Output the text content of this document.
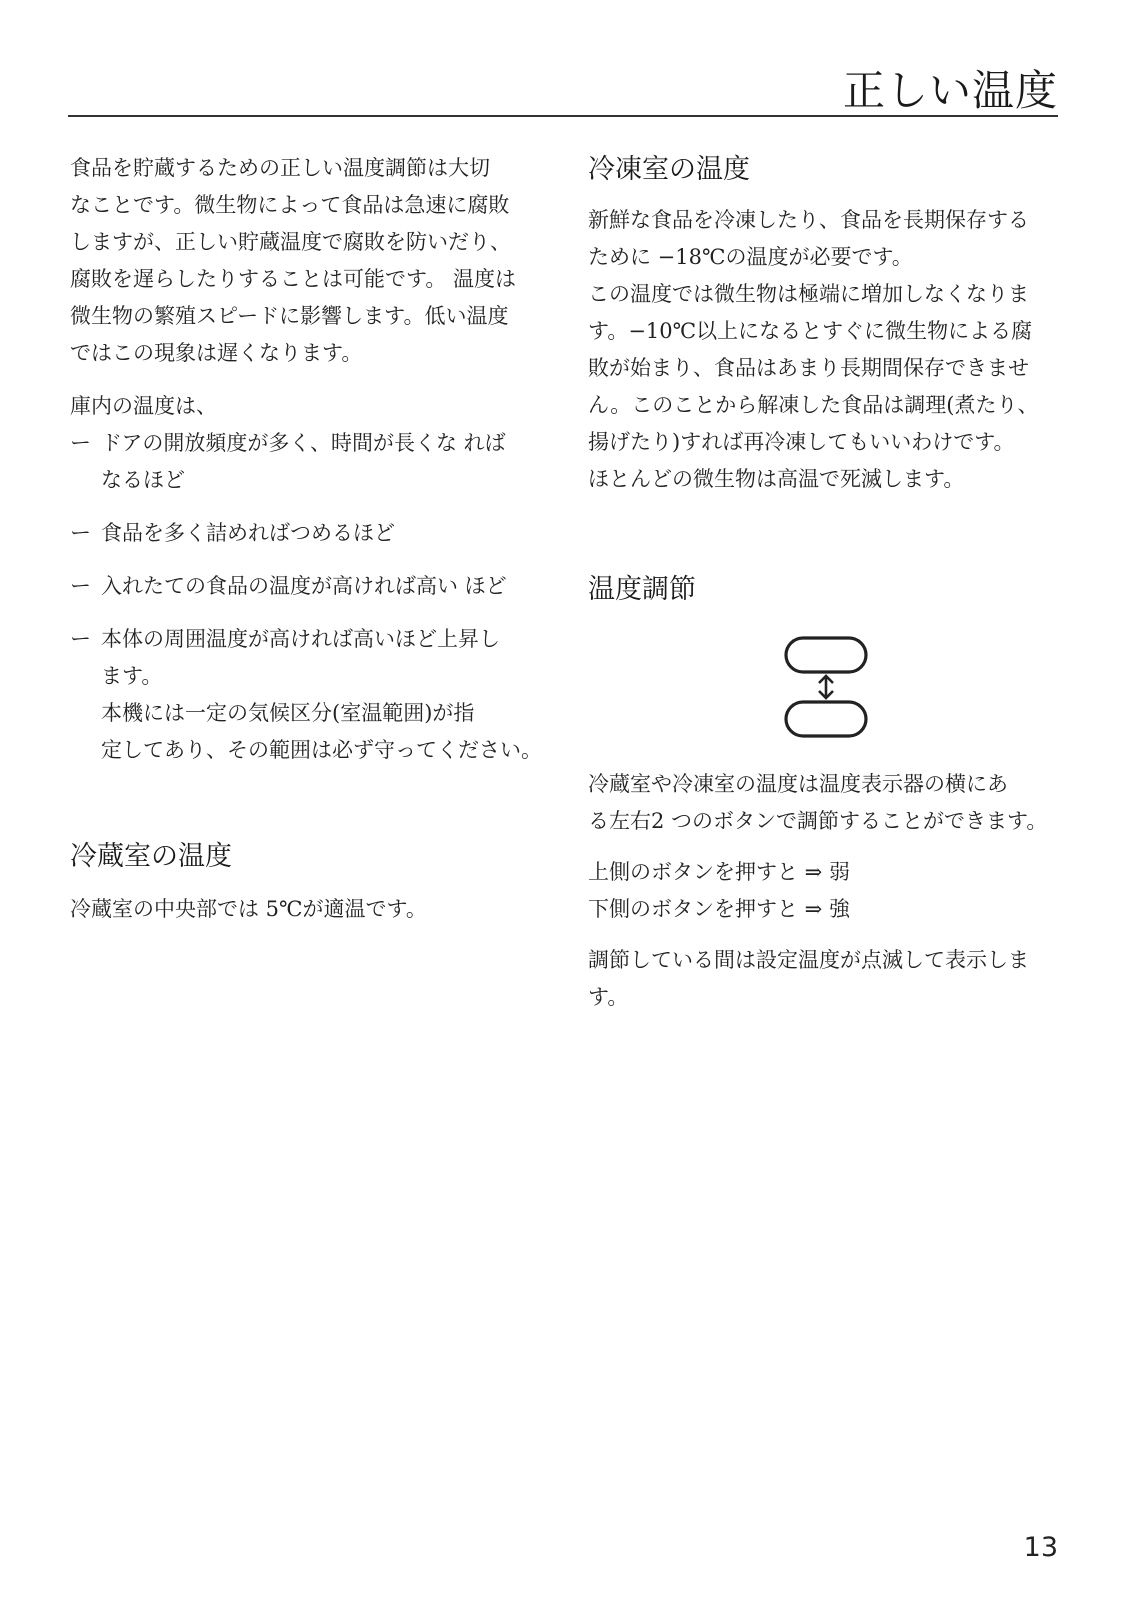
正しい温度

食品を貯蔵するための正しい温度調節は大切

なことです。微生物によって食品は急速に腐敗

しますが、正しい貯蔵温度で腐敗を防いだり、

腐敗を遅らしたりすることは可能です。 温度は

微生物の繁殖スピードに影響します。低い温度

ではこの現象は遅くなります。

庫内の温度は、

ー ドアの開放頻度が多く、時間が長くな れば
なるほど
ー 食品を多く詰めればつめるほど
ー 入れたての食品の温度が高ければ高い ほど
ー 本体の周囲温度が高ければ高いほど上昇し
ます。
本機には一定の気候区分(室温範囲)が指
定してあり、その範囲は必ず守ってください。
冷蔵室の温度

冷蔵室の中央部では 5℃が適温です。

冷凍室の温度

新鮮な食品を冷凍したり、食品を長期保存する

ために −18℃の温度が必要です。

この温度では微生物は極端に増加しなくなりま

す。−10℃以上になるとすぐに微生物による腐

敗が始まり、食品はあまり長期間保存できませ

ん。このことから解凍した食品は調理(煮たり、

揚げたり)すれば再冷凍してもいいわけです。

ほとんどの微生物は高温で死滅します。

温度調節

冷蔵室や冷凍室の温度は温度表示器の横にあ

る左右2 つのボタンで調節することができます。

上側のボタンを押すと ⇒ 弱

下側のボタンを押すと ⇒ 強

調節している間は設定温度が点滅して表示しま

す。

13
